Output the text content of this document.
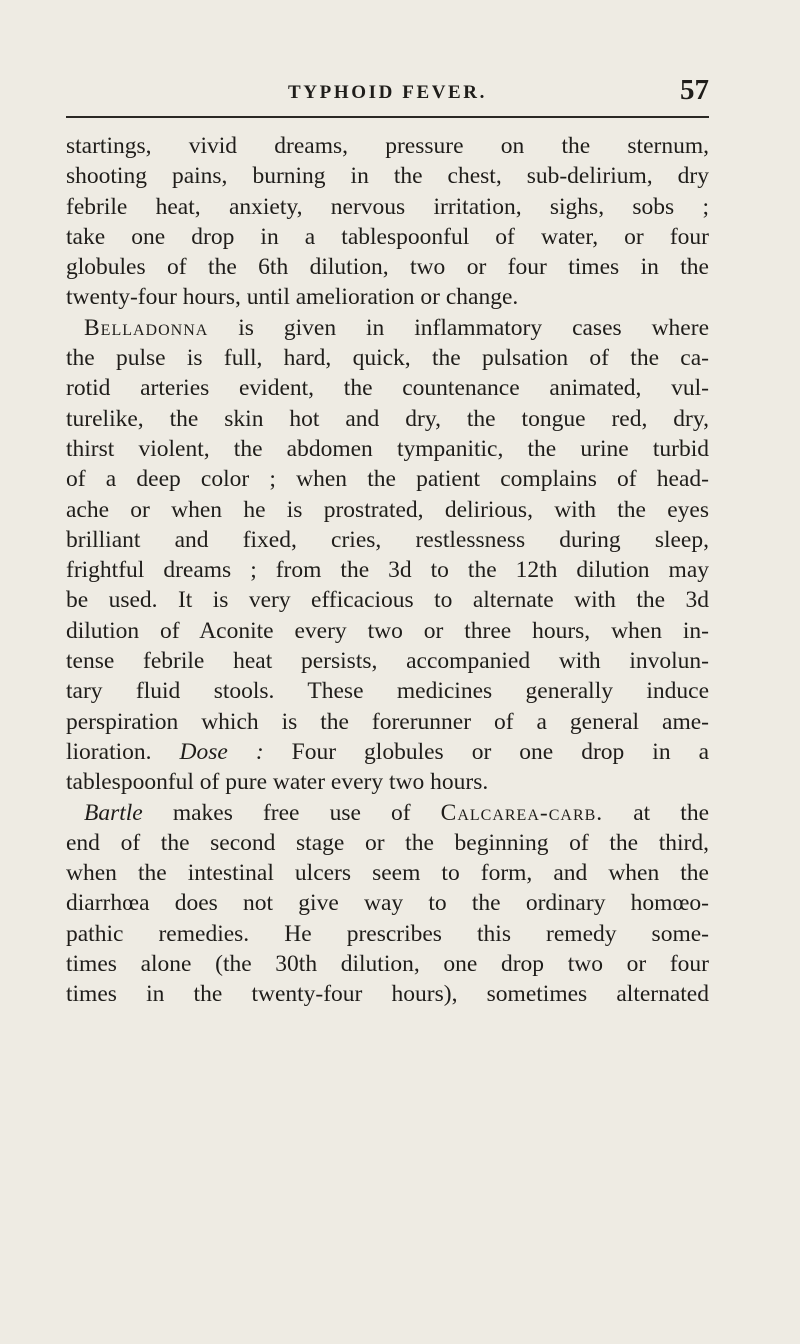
TYPHOID FEVER.	57
startings, vivid dreams, pressure on the sternum,
shooting pains, burning in the chest, sub-delirium, dry
febrile heat, anxiety, nervous irritation, sighs, sobs ;
take one drop in a tablespoonful of water, or four
globules of the 6th dilution, two or four times in the
twenty-four hours, until amelioration or change.
Belladonna is given in inflammatory cases where
the pulse is full, hard, quick, the pulsation of the ca-
rotid arteries evident, the countenance animated, vul-
turelike, the skin hot and dry, the tongue red, dry,
thirst violent, the abdomen tympanitic, the urine turbid
of a deep color ; when the patient complains of head-
ache or when he is prostrated, delirious, with the eyes
brilliant and fixed, cries, restlessness during sleep,
frightful dreams ; from the 3d to the 12th dilution may
be used. It is very efficacious to alternate with the 3d
dilution of Aconite every two or three hours, when in-
tense febrile heat persists, accompanied with involun-
tary fluid stools. These medicines generally induce
perspiration which is the forerunner of a general ame-
lioration. Dose : Four globules or one drop in a
tablespoonful of pure water every two hours.
Bartle makes free use of Calcarea-carb. at the
end of the second stage or the beginning of the third,
when the intestinal ulcers seem to form, and when the
diarrhœa does not give way to the ordinary homœo-
pathic remedies. He prescribes this remedy some-
times alone (the 30th dilution, one drop two or four
times in the twenty-four hours), sometimes alternated
